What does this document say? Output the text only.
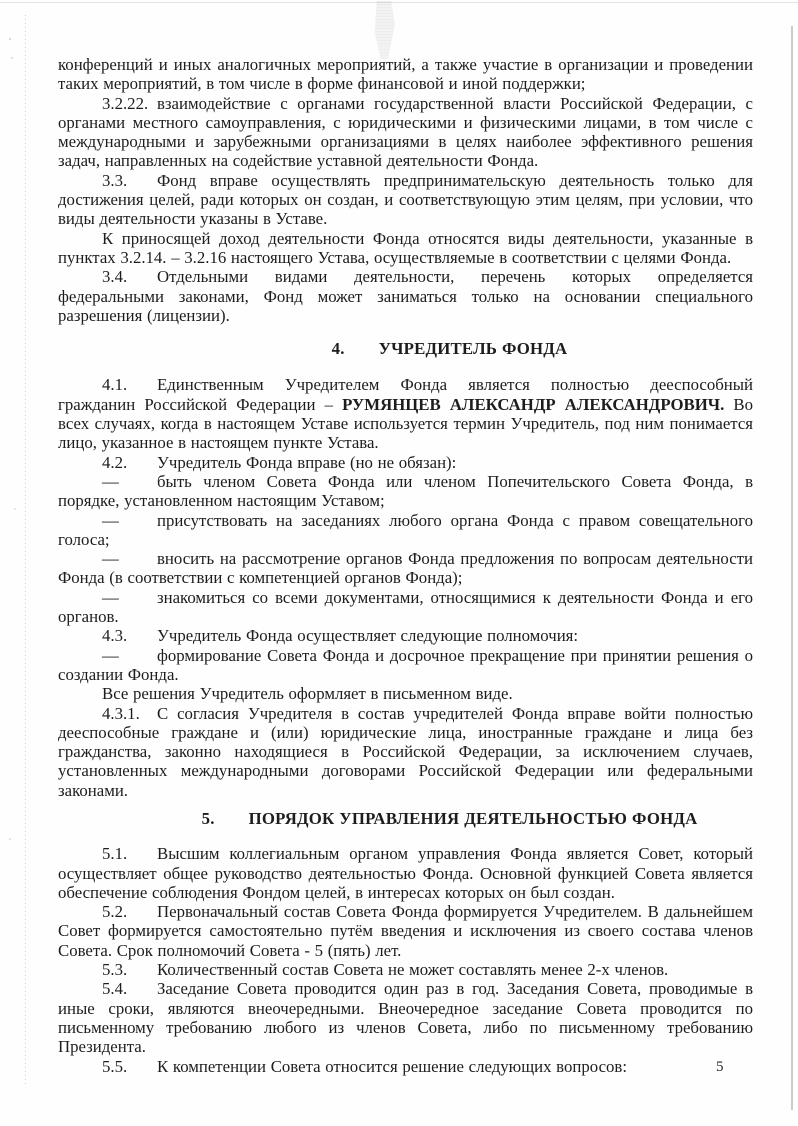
конференций и иных аналогичных мероприятий, а также участие в организации и проведении таких мероприятий, в том числе в форме финансовой и иной поддержки;

3.2.22. взаимодействие с органами государственной власти Российской Федерации, с органами местного самоуправления, с юридическими и физическими лицами, в том числе с международными и зарубежными организациями в целях наиболее эффективного решения задач, направленных на содействие уставной деятельности Фонда.

3.3. Фонд вправе осуществлять предпринимательскую деятельность только для достижения целей, ради которых он создан, и соответствующую этим целям, при условии, что виды деятельности указаны в Уставе.

К приносящей доход деятельности Фонда относятся виды деятельности, указанные в пунктах 3.2.14. – 3.2.16 настоящего Устава, осуществляемые в соответствии с целями Фонда.

3.4. Отдельными видами деятельности, перечень которых определяется федеральными законами, Фонд может заниматься только на основании специального разрешения (лицензии).

4. УЧРЕДИТЕЛЬ ФОНДА

4.1. Единственным Учредителем Фонда является полностью дееспособный гражданин Российской Федерации – РУМЯНЦЕВ АЛЕКСАНДР АЛЕКСАНДРОВИЧ. Во всех случаях, когда в настоящем Уставе используется термин Учредитель, под ним понимается лицо, указанное в настоящем пункте Устава.

4.2. Учредитель Фонда вправе (но не обязан):

— быть членом Совета Фонда или членом Попечительского Совета Фонда, в порядке, установленном настоящим Уставом;

— присутствовать на заседаниях любого органа Фонда с правом совещательного голоса;

— вносить на рассмотрение органов Фонда предложения по вопросам деятельности Фонда (в соответствии с компетенцией органов Фонда);

— знакомиться со всеми документами, относящимися к деятельности Фонда и его органов.

4.3. Учредитель Фонда осуществляет следующие полномочия:

— формирование Совета Фонда и досрочное прекращение при принятии решения о создании Фонда.

Все решения Учредитель оформляет в письменном виде.

4.3.1. С согласия Учредителя в состав учредителей Фонда вправе войти полностью дееспособные граждане и (или) юридические лица, иностранные граждане и лица без гражданства, законно находящиеся в Российской Федерации, за исключением случаев, установленных международными договорами Российской Федерации или федеральными законами.

5. ПОРЯДОК УПРАВЛЕНИЯ ДЕЯТЕЛЬНОСТЬЮ ФОНДА

5.1. Высшим коллегиальным органом управления Фонда является Совет, который осуществляет общее руководство деятельностью Фонда. Основной функцией Совета является обеспечение соблюдения Фондом целей, в интересах которых он был создан.

5.2. Первоначальный состав Совета Фонда формируется Учредителем. В дальнейшем Совет формируется самостоятельно путём введения и исключения из своего состава членов Совета. Срок полномочий Совета - 5 (пять) лет.

5.3. Количественный состав Совета не может составлять менее 2-х членов.

5.4. Заседание Совета проводится один раз в год. Заседания Совета, проводимые в иные сроки, являются внеочередными. Внеочередное заседание Совета проводится по письменному требованию любого из членов Совета, либо по письменному требованию Президента.

5.5. К компетенции Совета относится решение следующих вопросов:	5
